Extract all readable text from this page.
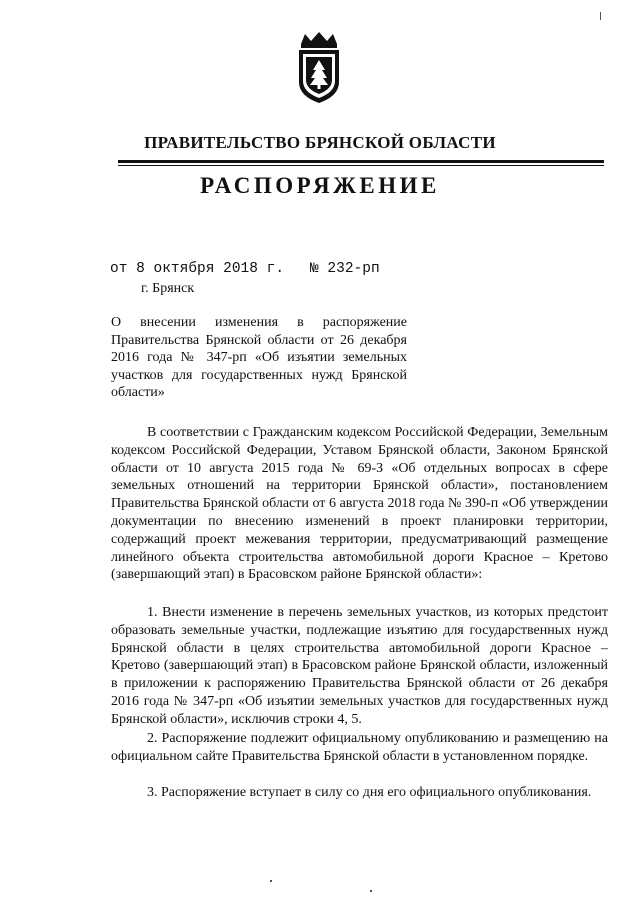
ПРАВИТЕЛЬСТВО БРЯНСКОЙ ОБЛАСТИ
РАСПОРЯЖЕНИЕ
от 8 октября 2018 г. № 232-рп
г. Брянск
О внесении изменения в распоряжение Правительства Брянской области от 26 декабря 2016 года № 347-рп «Об изъятии земельных участков для государственных нужд Брянской области»
В соответствии с Гражданским кодексом Российской Федерации, Земельным кодексом Российской Федерации, Уставом Брянской области, Законом Брянской области от 10 августа 2015 года № 69-З «Об отдельных вопросах в сфере земельных отношений на территории Брянской области», постановлением Правительства Брянской области от 6 августа 2018 года № 390-п «Об утверждении документации по внесению изменений в проект планировки территории, содержащий проект межевания территории, предусматривающий размещение линейного объекта строительства автомобильной дороги Красное – Кретово (завершающий этап) в Брасовском районе Брянской области»:
1. Внести изменение в перечень земельных участков, из которых предстоит образовать земельные участки, подлежащие изъятию для государственных нужд Брянской области в целях строительства автомобильной дороги Красное – Кретово (завершающий этап) в Брасовском районе Брянской области, изложенный в приложении к распоряжению Правительства Брянской области от 26 декабря 2016 года № 347-рп «Об изъятии земельных участков для государственных нужд Брянской области», исключив строки 4, 5.
2. Распоряжение подлежит официальному опубликованию и размещению на официальном сайте Правительства Брянской области в установленном порядке.
3. Распоряжение вступает в силу со дня его официального опубликования.
